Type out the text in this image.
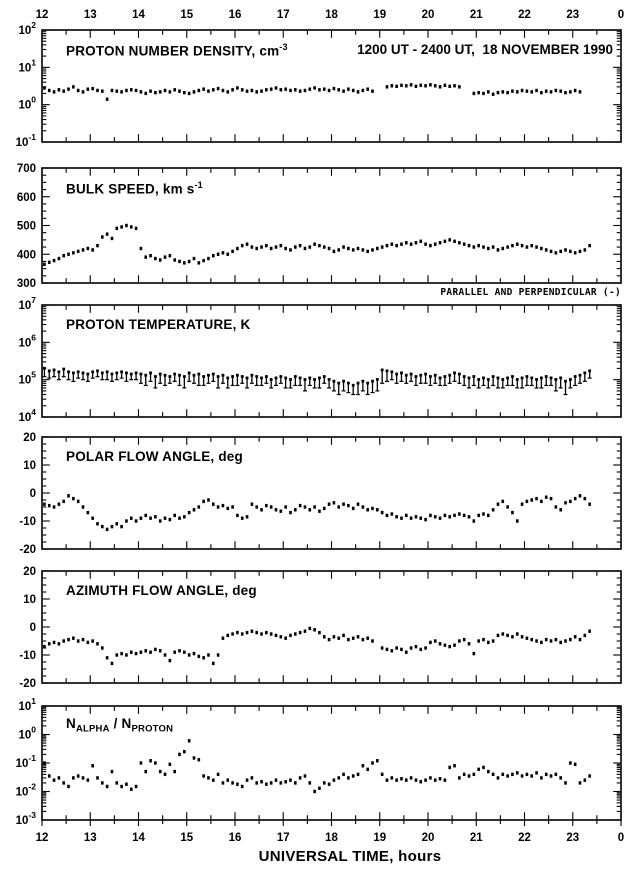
12
12
13
13
14
14
15
15
16
16
17
17
18
18
19
19
20
20
21
21
22
22
23
23
0
0
$10^2$
$10^1$
$10^0$
$10^{-1}$
700
600
500
400
300
$10^7$
$10^6$
$10^5$
$10^4$
20
10
0
-10
-20
20
10
0
-10
-20
$10^1$
$10^0$
$10^{-1}$
$10^{-2}$
$10^{-3}$
PROTON NUMBER DENSITY, $cm^{-3}$	1200 UT - 2400 UT,  18 NOVEMBER 1990
BULK SPEED, km $s^{-1}$
PARALLEL AND PERPENDICULAR (-)
PROTON TEMPERATURE, K
POLAR FLOW ANGLE, deg
AZIMUTH FLOW ANGLE, deg
$N_{ALPHA} / N_{PROTON}$
UNIVERSAL TIME, hours
